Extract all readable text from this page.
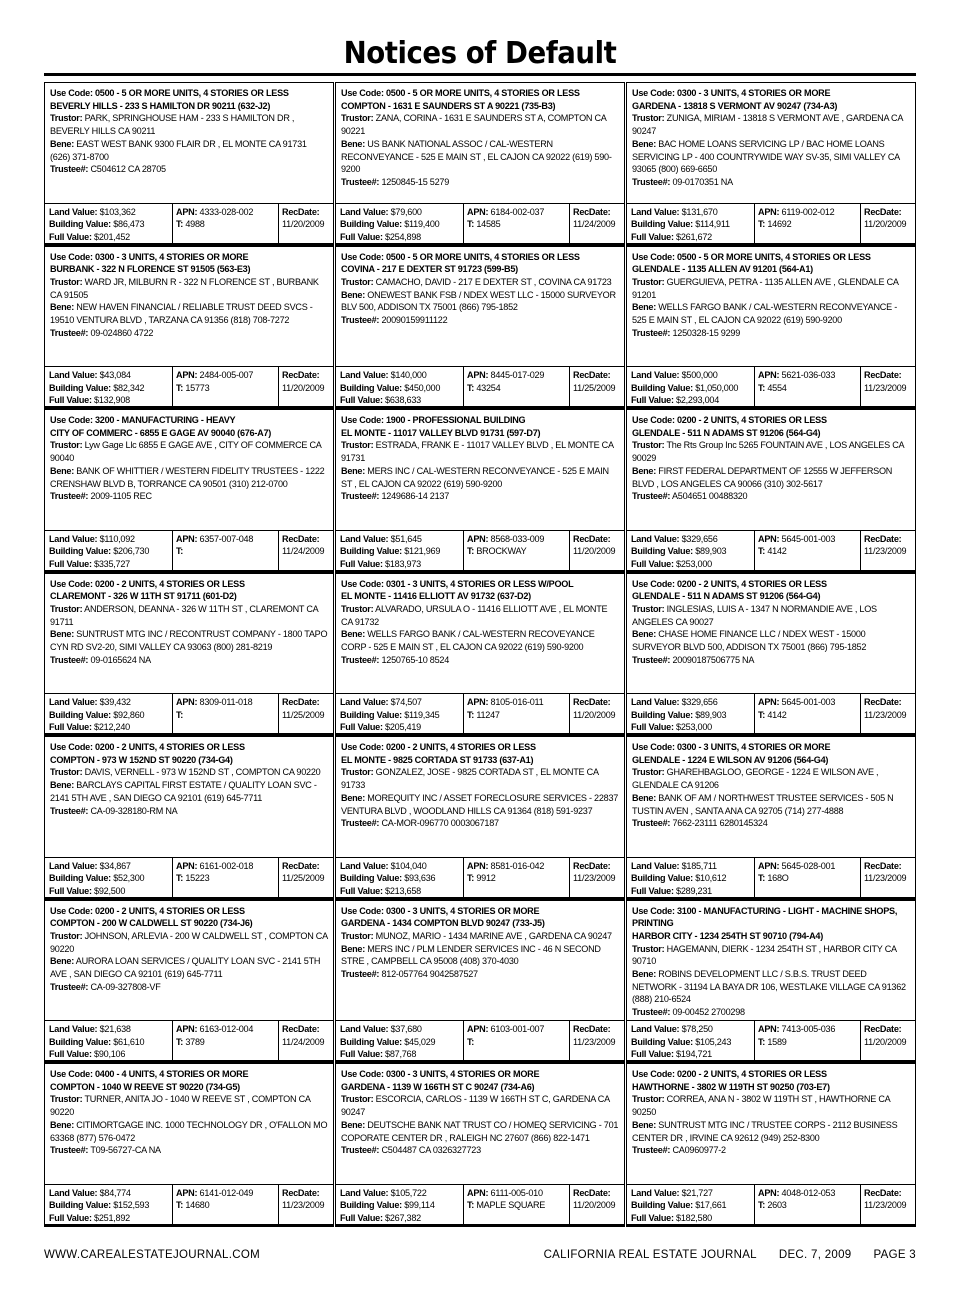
Notices of Default
Use Code: 0500 - 5 OR MORE UNITS, 4 STORIES OR LESS
BEVERLY HILLS - 233 S HAMILTON DR 90211 (632-J2)
Trustor: PARK, SPRINGHOUSE HAM - 233 S HAMILTON DR , BEVERLY HILLS CA 90211
Bene: EAST WEST BANK 9300 FLAIR DR , EL MONTE CA 91731 (626) 371-8700
Trustee#: C504612 CA 28705
Land Value: $103,362
Building Value: $86,473
Full Value: $201,452
APN: 4333-028-002
T: 4988
RecDate:
11/20/2009
Use Code: 0500 - 5 OR MORE UNITS, 4 STORIES OR LESS
COMPTON - 1631 E SAUNDERS ST A 90221 (735-B3)
Trustor: ZANA, CORINA - 1631 E SAUNDERS ST A, COMPTON CA 90221
Bene: US BANK NATIONAL ASSOC / CAL-WESTERN RECONVEYANCE - 525 E MAIN ST , EL CAJON CA 92022 (619) 590-9200
Trustee#: 1250845-15 5279
Land Value: $79,600
Building Value: $119,400
Full Value: $254,898
APN: 6184-002-037
T: 14585
RecDate:
11/24/2009
Use Code: 0300 - 3 UNITS, 4 STORIES OR MORE
GARDENA - 13818 S VERMONT AV 90247 (734-A3)
Trustor: ZUNIGA, MIRIAM - 13818 S VERMONT AVE , GARDENA CA 90247
Bene: BAC HOME LOANS SERVICING LP / BAC HOME LOANS SERVICING LP - 400 COUNTRYWIDE WAY SV-35, SIMI VALLEY CA 93065 (800) 669-6650
Trustee#: 09-0170351 NA
Land Value: $131,670
Building Value: $114,911
Full Value: $261,672
APN: 6119-002-012
T: 14692
RecDate:
11/20/2009
Use Code: 0300 - 3 UNITS, 4 STORIES OR MORE
BURBANK - 322 N FLORENCE ST 91505 (563-E3)
Trustor: WARD JR, MILBURN R - 322 N FLORENCE ST , BURBANK CA 91505
Bene: NEW HAVEN FINANCIAL / RELIABLE TRUST DEED SVCS - 19510 VENTURA BLVD , TARZANA CA 91356 (818) 708-7272
Trustee#: 09-024860 4722
Land Value: $43,084
Building Value: $82,342
Full Value: $132,908
APN: 2484-005-007
T: 15773
RecDate:
11/20/2009
Use Code: 0500 - 5 OR MORE UNITS, 4 STORIES OR LESS
COVINA - 217 E DEXTER ST 91723 (599-B5)
Trustor: CAMACHO, DAVID - 217 E DEXTER ST , COVINA CA 91723
Bene: ONEWEST BANK FSB / NDEX WEST LLC - 15000 SURVEYOR BLV 500, ADDISON TX 75001 (866) 795-1852
Trustee#: 20090159911122
Land Value: $140,000
Building Value: $450,000
Full Value: $638,633
APN: 8445-017-029
T: 43254
RecDate:
11/25/2009
Use Code: 0500 - 5 OR MORE UNITS, 4 STORIES OR LESS
GLENDALE - 1135 ALLEN AV 91201 (564-A1)
Trustor: GUERGUIEVA, PETRA - 1135 ALLEN AVE , GLENDALE CA 91201
Bene: WELLS FARGO BANK / CAL-WESTERN RECONVEYANCE - 525 E MAIN ST , EL CAJON CA 92022 (619) 590-9200
Trustee#: 1250328-15 9299
Land Value: $500,000
Building Value: $1,050,000
Full Value: $2,293,004
APN: 5621-036-033
T: 4554
RecDate:
11/23/2009
Use Code: 3200 - MANUFACTURING - HEAVY
CITY OF COMMERC - 6855 E GAGE AV 90040 (676-A7)
Trustor: Lyw Gage Llc 6855 E GAGE AVE , CITY OF COMMERCE CA 90040
Bene: BANK OF WHITTIER / WESTERN FIDELITY TRUSTEES - 1222 CRENSHAW BLVD B, TORRANCE CA 90501 (310) 212-0700
Trustee#: 2009-1105 REC
Land Value: $110,092
Building Value: $206,730
Full Value: $335,727
APN: 6357-007-048
T:
RecDate:
11/24/2009
Use Code: 1900 - PROFESSIONAL BUILDING
EL MONTE - 11017 VALLEY BLVD 91731 (597-D7)
Trustor: ESTRADA, FRANK E - 11017 VALLEY BLVD , EL MONTE CA 91731
Bene: MERS INC / CAL-WESTERN RECONVEYANCE - 525 E MAIN ST , EL CAJON CA 92022 (619) 590-9200
Trustee#: 1249686-14 2137
Land Value: $51,645
Building Value: $121,969
Full Value: $183,973
APN: 8568-033-009
T: BROCKWAY
RecDate:
11/20/2009
Use Code: 0200 - 2 UNITS, 4 STORIES OR LESS
GLENDALE - 511 N ADAMS ST 91206 (564-G4)
Trustor: The Rts Group Inc 5265 FOUNTAIN AVE , LOS ANGELES CA 90029
Bene: FIRST FEDERAL DEPARTMENT OF 12555 W JEFFERSON BLVD , LOS ANGELES CA 90066 (310) 302-5617
Trustee#: A504651 00488320
Land Value: $329,656
Building Value: $89,903
Full Value: $253,000
APN: 5645-001-003
T: 4142
RecDate:
11/23/2009
Use Code: 0200 - 2 UNITS, 4 STORIES OR LESS
CLAREMONT - 326 W 11TH ST 91711 (601-D2)
Trustor: ANDERSON, DEANNA - 326 W 11TH ST , CLAREMONT CA 91711
Bene: SUNTRUST MTG INC / RECONTRUST COMPANY - 1800 TAPO CYN RD SV2-20, SIMI VALLEY CA 93063 (800) 281-8219
Trustee#: 09-0165624 NA
Land Value: $39,432
Building Value: $92,860
Full Value: $212,240
APN: 8309-011-018
T:
RecDate:
11/25/2009
Use Code: 0301 - 3 UNITS, 4 STORIES OR LESS W/POOL
EL MONTE - 11416 ELLIOTT AV 91732 (637-D2)
Trustor: ALVARADO, URSULA O - 11416 ELLIOTT AVE , EL MONTE CA 91732
Bene: WELLS FARGO BANK / CAL-WESTERN RECOVEYANCE CORP - 525 E MAIN ST , EL CAJON CA 92022 (619) 590-9200
Trustee#: 1250765-10 8524
Land Value: $74,507
Building Value: $119,345
Full Value: $205,419
APN: 8105-016-011
T: 11247
RecDate:
11/20/2009
Use Code: 0200 - 2 UNITS, 4 STORIES OR LESS
GLENDALE - 511 N ADAMS ST 91206 (564-G4)
Trustor: INGLESIAS, LUIS A - 1347 N NORMANDIE AVE , LOS ANGELES CA 90027
Bene: CHASE HOME FINANCE LLC / NDEX WEST - 15000 SURVEYOR BLVD 500, ADDISON TX 75001 (866) 795-1852
Trustee#: 20090187506775 NA
Land Value: $329,656
Building Value: $89,903
Full Value: $253,000
APN: 5645-001-003
T: 4142
RecDate:
11/23/2009
Use Code: 0200 - 2 UNITS, 4 STORIES OR LESS
COMPTON - 973 W 152ND ST 90220 (734-G4)
Trustor: DAVIS, VERNELL - 973 W 152ND ST , COMPTON CA 90220
Bene: BARCLAYS CAPITAL FIRST ESTATE / QUALITY LOAN SVC - 2141 5TH AVE , SAN DIEGO CA 92101 (619) 645-7711
Trustee#: CA-09-328180-RM NA
Land Value: $34,867
Building Value: $52,300
Full Value: $92,500
APN: 6161-002-018
T: 15223
RecDate:
11/25/2009
Use Code: 0200 - 2 UNITS, 4 STORIES OR LESS
EL MONTE - 9825 CORTADA ST 91733 (637-A1)
Trustor: GONZALEZ, JOSE - 9825 CORTADA ST , EL MONTE CA 91733
Bene: MOREQUITY INC / ASSET FORECLOSURE SERVICES - 22837 VENTURA BLVD , WOODLAND HILLS CA 91364 (818) 591-9237
Trustee#: CA-MOR-096770 0003067187
Land Value: $104,040
Building Value: $93,636
Full Value: $213,658
APN: 8581-016-042
T: 9912
RecDate:
11/23/2009
Use Code: 0300 - 3 UNITS, 4 STORIES OR MORE
GLENDALE - 1224 E WILSON AV 91206 (564-G4)
Trustor: GHAREHBAGLOO, GEORGE - 1224 E WILSON AVE , GLENDALE CA 91206
Bene: BANK OF AM / NORTHWEST TRUSTEE SERVICES - 505 N TUSTIN AVEN , SANTA ANA CA 92705 (714) 277-4888
Trustee#: 7662-23111 6280145324
Land Value: $185,711
Building Value: $10,612
Full Value: $289,231
APN: 5645-028-001
T: 168O
RecDate:
11/23/2009
Use Code: 0200 - 2 UNITS, 4 STORIES OR LESS
COMPTON - 200 W CALDWELL ST 90220 (734-J6)
Trustor: JOHNSON, ARLEVIA - 200 W CALDWELL ST , COMPTON CA 90220
Bene: AURORA LOAN SERVICES / QUALITY LOAN SVC - 2141 5TH AVE , SAN DIEGO CA 92101 (619) 645-7711
Trustee#: CA-09-327808-VF
Land Value: $21,638
Building Value: $61,610
Full Value: $90,106
APN: 6163-012-004
T: 3789
RecDate:
11/24/2009
Use Code: 0300 - 3 UNITS, 4 STORIES OR MORE
GARDENA - 1434 COMPTON BLVD 90247 (733-J5)
Trustor: MUNOZ, MARIO - 1434 MARINE AVE , GARDENA CA 90247
Bene: MERS INC / PLM LENDER SERVICES INC - 46 N SECOND STRE , CAMPBELL CA 95008 (408) 370-4030
Trustee#: 812-057764 9042587527
Land Value: $37,680
Building Value: $45,029
Full Value: $87,768
APN: 6103-001-007
T:
RecDate:
11/23/2009
Use Code: 3100 - MANUFACTURING - LIGHT - MACHINE SHOPS, PRINTING
HARBOR CITY - 1234 254TH ST 90710 (794-A4)
Trustor: HAGEMANN, DIERK - 1234 254TH ST , HARBOR CITY CA 90710
Bene: ROBINS DEVELOPMENT LLC / S.B.S. TRUST DEED NETWORK - 31194 LA BAYA DR 106, WESTLAKE VILLAGE CA 91362 (888) 210-6524
Trustee#: 09-00452 2700298
Land Value: $78,250
Building Value: $105,243
Full Value: $194,721
APN: 7413-005-036
T: 1589
RecDate:
11/20/2009
Use Code: 0400 - 4 UNITS, 4 STORIES OR MORE
COMPTON - 1040 W REEVE ST 90220 (734-G5)
Trustor: TURNER, ANITA JO - 1040 W REEVE ST , COMPTON CA 90220
Bene: CITIMORTGAGE INC. 1000 TECHNOLOGY DR , O'FALLON MO 63368 (877) 576-0472
Trustee#: T09-56727-CA NA
Land Value: $84,774
Building Value: $152,593
Full Value: $251,892
APN: 6141-012-049
T: 14680
RecDate:
11/23/2009
Use Code: 0300 - 3 UNITS, 4 STORIES OR MORE
GARDENA - 1139 W 166TH ST C 90247 (734-A6)
Trustor: ESCORCIA, CARLOS - 1139 W 166TH ST C, GARDENA CA 90247
Bene: DEUTSCHE BANK NAT TRUST CO / HOMEQ SERVICING - 701 COPORATE CENTER DR , RALEIGH NC 27607 (866) 822-1471
Trustee#: C504487 CA 0326327723
Land Value: $105,722
Building Value: $99,114
Full Value: $267,382
APN: 6111-005-010
T: MAPLE SQUARE
RecDate:
11/20/2009
Use Code: 0200 - 2 UNITS, 4 STORIES OR LESS
HAWTHORNE - 3802 W 119TH ST 90250 (703-E7)
Trustor: CORREA, ANA N - 3802 W 119TH ST , HAWTHORNE CA 90250
Bene: SUNTRUST MTG INC / TRUSTEE CORPS - 2112 BUSINESS CENTER DR , IRVINE CA 92612 (949) 252-8300
Trustee#: CA0960977-2
Land Value: $21,727
Building Value: $17,661
Full Value: $182,580
APN: 4048-012-053
T: 2603
RecDate:
11/23/2009
WWW.CAREALESTATEJOURNAL.COM	CALIFORNIA REAL ESTATE JOURNAL DEC. 7, 2009 PAGE 3
